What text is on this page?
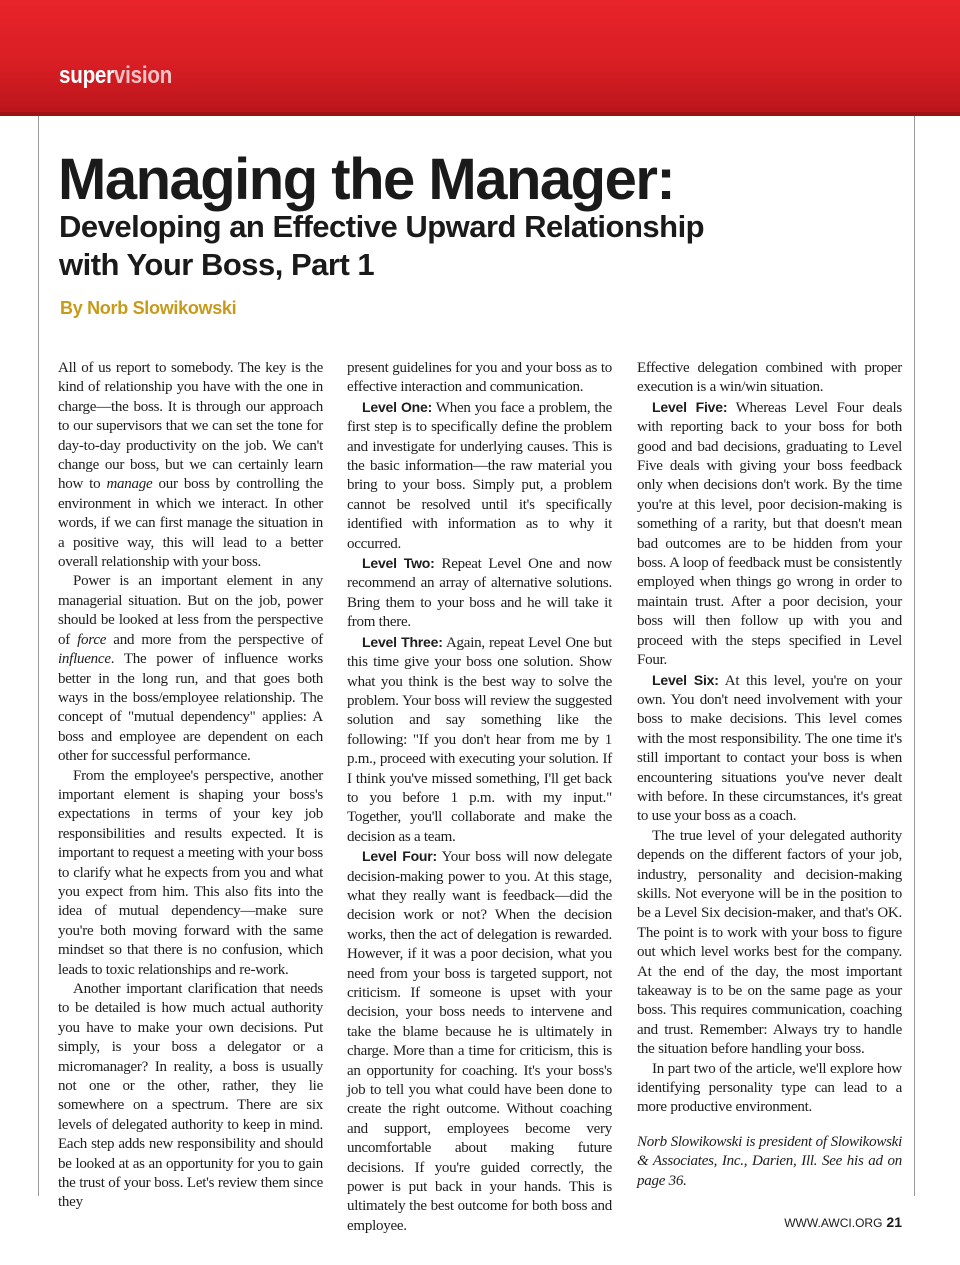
supervision
Managing the Manager:
Developing an Effective Upward Relationship with Your Boss, Part 1
By Norb Slowikowski

All of us report to somebody. The key is the kind of relationship you have with the one in charge—the boss. It is through our approach to our supervisors that we can set the tone for day-to-day productivity on the job. We can't change our boss, but we can certainly learn how to manage our boss by controlling the environment in which we interact. In other words, if we can first manage the situation in a positive way, this will lead to a better overall relationship with your boss.

Power is an important element in any managerial situation. But on the job, power should be looked at less from the perspective of force and more from the perspective of influence. The power of influence works better in the long run, and that goes both ways in the boss/employee relationship. The concept of "mutual dependency" applies: A boss and employee are dependent on each other for successful performance.

From the employee's perspective, another important element is shaping your boss's expectations in terms of your key job responsibilities and results expected. It is important to request a meeting with your boss to clarify what he expects from you and what you expect from him. This also fits into the idea of mutual dependency—make sure you're both moving forward with the same mindset so that there is no confusion, which leads to toxic relationships and re-work.

Another important clarification that needs to be detailed is how much actual authority you have to make your own decisions. Put simply, is your boss a delegator or a micromanager? In reality, a boss is usually not one or the other, rather, they lie somewhere on a spectrum. There are six levels of delegated authority to keep in mind. Each step adds new responsibility and should be looked at as an opportunity for you to gain the trust of your boss. Let's review them since they

present guidelines for you and your boss as to effective interaction and communication.

Level One: When you face a problem, the first step is to specifically define the problem and investigate for underlying causes. This is the basic information—the raw material you bring to your boss. Simply put, a problem cannot be resolved until it's specifically identified with information as to why it occurred.

Level Two: Repeat Level One and now recommend an array of alternative solutions. Bring them to your boss and he will take it from there.

Level Three: Again, repeat Level One but this time give your boss one solution. Show what you think is the best way to solve the problem. Your boss will review the suggested solution and say something like the following: "If you don't hear from me by 1 p.m., proceed with executing your solution. If I think you've missed something, I'll get back to you before 1 p.m. with my input." Together, you'll collaborate and make the decision as a team.

Level Four: Your boss will now delegate decision-making power to you. At this stage, what they really want is feedback—did the decision work or not? When the decision works, then the act of delegation is rewarded. However, if it was a poor decision, what you need from your boss is targeted support, not criticism. If someone is upset with your decision, your boss needs to intervene and take the blame because he is ultimately in charge. More than a time for criticism, this is an opportunity for coaching. It's your boss's job to tell you what could have been done to create the right outcome. Without coaching and support, employees become very uncomfortable about making future decisions. If you're guided correctly, the power is put back in your hands. This is ultimately the best outcome for both boss and employee.

Effective delegation combined with proper execution is a win/win situation.

Level Five: Whereas Level Four deals with reporting back to your boss for both good and bad decisions, graduating to Level Five deals with giving your boss feedback only when decisions don't work. By the time you're at this level, poor decision-making is something of a rarity, but that doesn't mean bad outcomes are to be hidden from your boss. A loop of feedback must be consistently employed when things go wrong in order to maintain trust. After a poor decision, your boss will then follow up with you and proceed with the steps specified in Level Four.

Level Six: At this level, you're on your own. You don't need involvement with your boss to make decisions. This level comes with the most responsibility. The one time it's still important to contact your boss is when encountering situations you've never dealt with before. In these circumstances, it's great to use your boss as a coach.

The true level of your delegated authority depends on the different factors of your job, industry, personality and decision-making skills. Not everyone will be in the position to be a Level Six decision-maker, and that's OK. The point is to work with your boss to figure out which level works best for the company. At the end of the day, the most important takeaway is to be on the same page as your boss. This requires communication, coaching and trust. Remember: Always try to handle the situation before handling your boss.

In part two of the article, we'll explore how identifying personality type can lead to a more productive environment.

Norb Slowikowski is president of Slowikowski & Associates, Inc., Darien, Ill. See his ad on page 36.

WWW.AWCI.ORG 21
